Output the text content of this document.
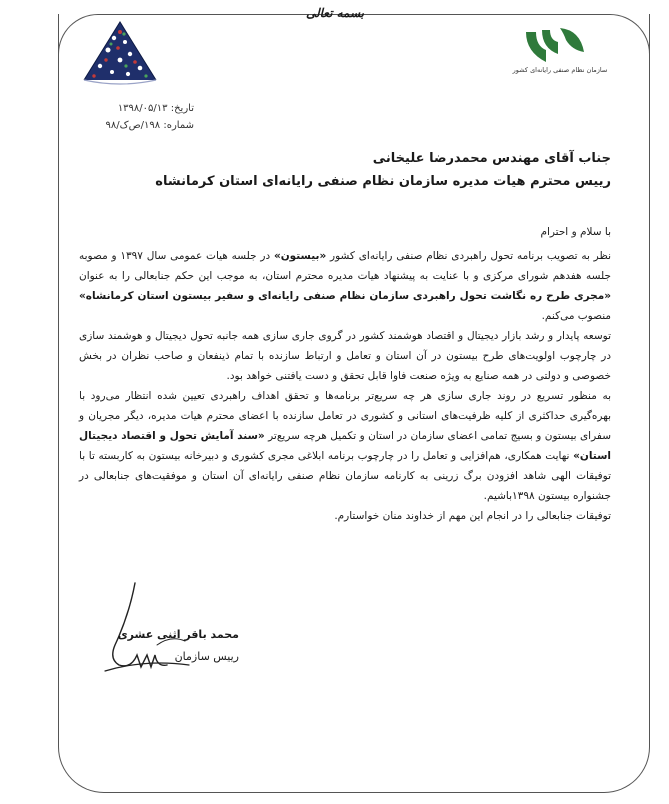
بسمه تعالی
سازمان نظام صنفی رایانه‌ای کشور
تاریخ: ۱۳۹۸/۰۵/۱۳
شماره: ۱۹۸/ص‌ک/۹۸
جناب آقای مهندس محمدرضا علیخانی
رییس محترم هیات مدیره سازمان نظام صنفی رایانه‌ای استان کرمانشاه

با سلام و احترام

نظر به تصویب برنامه تحول راهبردی نظام صنفی رایانه‌ای کشور «بیستون» در جلسه هیات عمومی سال ۱۳۹۷ و مصوبه جلسه هفدهم شورای مرکزی و با عنایت به پیشنهاد هیات مدیره محترم استان، به موجب این حکم جنابعالی را به عنوان «مجری طرح ره نگاشت تحول راهبردی سازمان نظام صنفی رایانه‌ای و سفیر بیستون استان کرمانشاه» منصوب می‌کنم.

توسعه پایدار و رشد بازار دیجیتال و اقتصاد هوشمند کشور در گروی جاری سازی همه جانبه تحول دیجیتال و هوشمند سازی در چارچوب اولویت‌های طرح بیستون در آن استان و تعامل و ارتباط سازنده با تمام ذینفعان و صاحب نظران در بخش خصوصی و دولتی در همه صنایع به ویژه صنعت فاوا قابل تحقق و دست یافتنی خواهد بود.

به منظور تسریع در روند جاری سازی هر چه سریع‌تر برنامه‌ها و تحقق اهداف راهبردی تعیین شده انتظار می‌رود با بهره‌گیری حداکثری از کلیه ظرفیت‌های استانی و کشوری در تعامل سازنده با اعضای محترم هیات مدیره، دیگر مجریان و سفرای بیستون و بسیج تمامی اعضای سازمان در استان و تکمیل هرچه سریع‌تر «سند آمایش تحول و اقتصاد دیجیتال استان» نهایت همکاری، هم‌افزایی و تعامل را در چارچوب برنامه ابلاغی مجری کشوری و دبیرخانه بیستون به کاربسته تا با توفیقات الهی شاهد افزودن برگ زرینی به کارنامه سازمان نظام صنفی رایانه‌ای آن استان و موفقیت‌های جنابعالی در جشنواره بیستون ۱۳۹۸باشیم.

توفیقات جنابعالی را در انجام این مهم از خداوند منان خواستارم.

محمد باقر اثنی عشری
رییس سازمان
